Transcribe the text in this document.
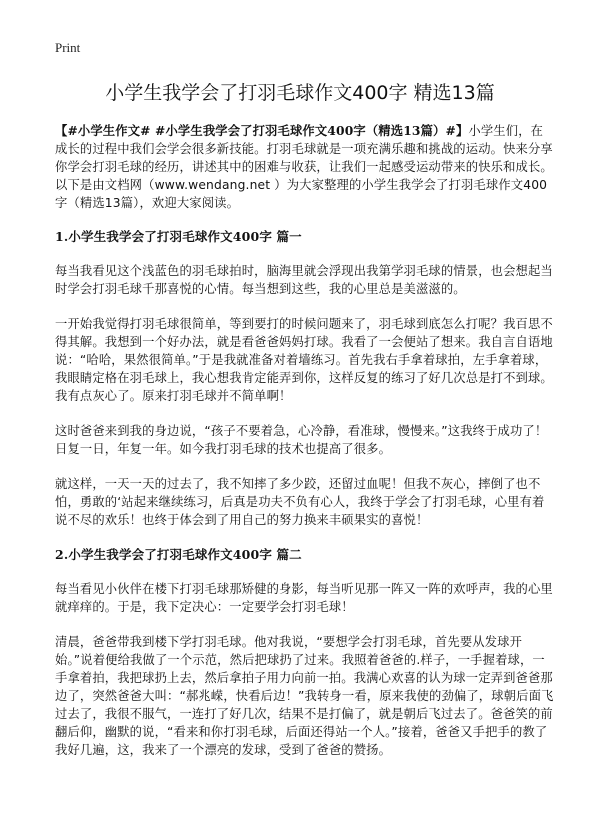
Print
小学生我学会了打羽毛球作文400字 精选13篇

【#小学生作文# #小学生我学会了打羽毛球作文400字（精选13篇）#】小学生们，在成长的过程中我们会学会很多新技能。打羽毛球就是一项充满乐趣和挑战的运动。快来分享你学会打羽毛球的经历，讲述其中的困难与收获，让我们一起感受运动带来的快乐和成长。以下是由文档网（www.wendang.net ）为大家整理的小学生我学会了打羽毛球作文400字（精选13篇），欢迎大家阅读。

1.小学生我学会了打羽毛球作文400字 篇一

每当我看见这个浅蓝色的羽毛球拍时，脑海里就会浮现出我第学羽毛球的情景，也会想起当时学会打羽毛球千那喜悦的心情。每当想到这些，我的心里总是美滋滋的。

一开始我觉得打羽毛球很简单，等到要打的时候问题来了，羽毛球到底怎么打呢？我百思不得其解。我想到一个好办法，就是看爸爸妈妈打球。我看了一会便站了想来。我自言自语地说：“哈哈，果然很简单。”于是我就准备对着墙练习。首先我右手拿着球拍，左手拿着球，我眼睛定格在羽毛球上，我心想我肯定能弄到你，这样反复的练习了好几次总是打不到球。我有点灰心了。原来打羽毛球并不简单啊！

这时爸爸来到我的身边说，“孩子不要着急，心冷静，看准球，慢慢来。”这我终于成功了！日复一日，年复一年。如今我打羽毛球的技术也提高了很多。

就这样，一天一天的过去了，我不知摔了多少跤，还留过血呢！但我不灰心，摔倒了也不怕，勇敢的‘站起来继续练习，后真是功夫不负有心人，我终于学会了打羽毛球，心里有着说不尽的欢乐！也终于体会到了用自己的努力换来丰硕果实的喜悦！

2.小学生我学会了打羽毛球作文400字 篇二

每当看见小伙伴在楼下打羽毛球那矫健的身影，每当听见那一阵又一阵的欢呼声，我的心里就痒痒的。于是，我下定决心：一定要学会打羽毛球！

清晨，爸爸带我到楼下学打羽毛球。他对我说，“要想学会打羽毛球，首先要从发球开始。”说着便给我做了一个示范，然后把球扔了过来。我照着爸爸的.样子，一手握着球，一手拿着拍，我把球扔上去，然后拿拍子用力向前一拍。我满心欢喜的认为球一定弄到爸爸那边了，突然爸爸大叫：“郝兆嵘，快看后边！”我转身一看，原来我使的劲偏了，球朝后面飞过去了，我很不服气，一连打了好几次，结果不是打偏了，就是朝后飞过去了。爸爸笑的前翻后仰，幽默的说，“看来和你打羽毛球，后面还得站一个人。”接着，爸爸又手把手的教了我好几遍，这，我来了一个漂亮的发球，受到了爸爸的赞扬。
